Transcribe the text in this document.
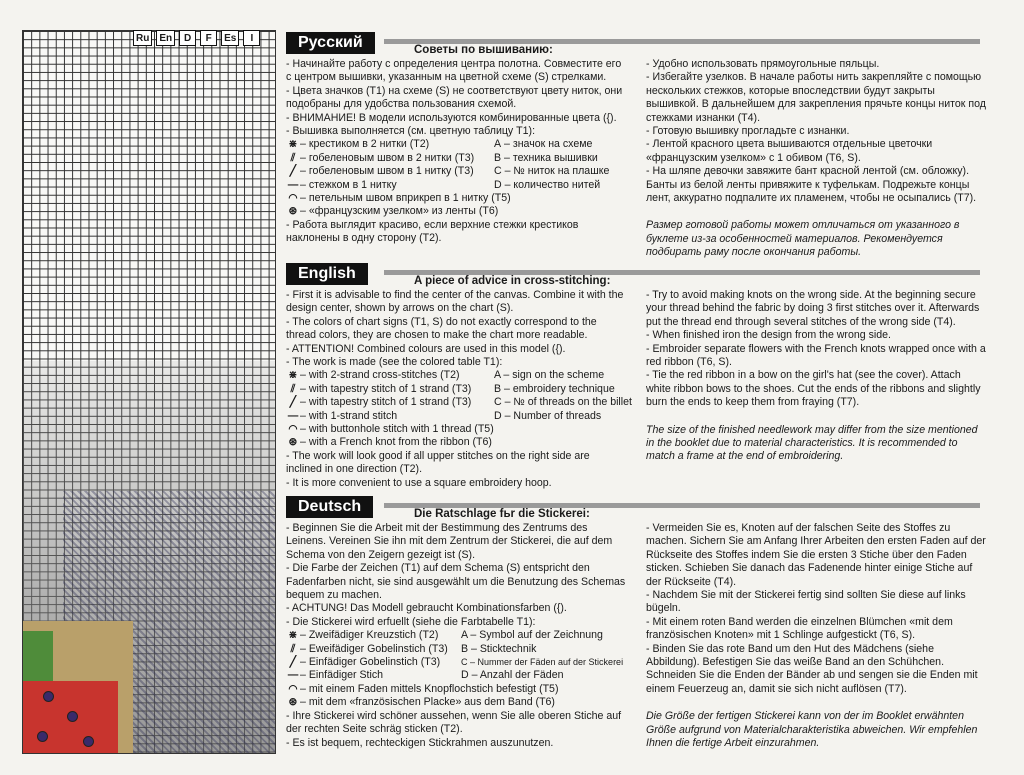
Ru	En	D	F	Es	I	Русский	Советы по вышиванию:

- Начинайте работу с определения центра полотна. Совместите его с центром вышивки, указанным на цветной схеме (S) стрелками.

- Цвета значков (T1) на схеме (S) не соответствуют цвету ниток, они подобраны для удобства пользования схемой.

- ВНИМАНИЕ! В модели используются комбинированные цвета ({).

- Вышивка выполняется (см. цветную таблицу T1):

⋇ – крестиком в 2 нитки (T2)	А – значок на схеме
⫽ – гобеленовым швом в 2 нитки (T3)	В – техника вышивки
╱ – гобеленовым швом в 1 нитку (T3)	С – № ниток на плашке
— – стежком в 1 нитку	D – количество нитей
◠ – петельным швом вприкреп в 1 нитку (T5)
⊛ – «французским узелком» из ленты (T6)

- Работа выглядит красиво, если верхние стежки крестиков наклонены в одну сторону (T2).

- Удобно использовать прямоугольные пяльцы.

- Избегайте узелков. В начале работы нить закрепляйте с помощью нескольких стежков, которые впоследствии будут закрыты вышивкой. В дальнейшем для закрепления прячьте концы ниток под стежками изнанки (T4).

- Готовую вышивку прогладьте с изнанки.

- Лентой красного цвета вышиваются отдельные цветочки «французским узелком» с 1 обивом (T6, S).

- На шляпе девочки завяжите бант красной лентой (см. обложку). Банты из белой ленты привяжите к туфелькам. Подрежьте концы лент, аккуратно подпалите их пламенем, чтобы не осыпались (T7).

Размер готовой работы может отличаться от указанного в буклете из-за особенностей материалов. Рекомендуется подбирать раму после окончания работы.

English	A piece of advice in cross-stitching:

- First it is advisable to find the center of the canvas. Combine it with the design center, shown by arrows on the chart (S).

- The colors of chart signs (T1, S) do not exactly correspond to the thread colors, they are chosen to make the chart more readable.

- ATTENTION! Combined colours are used in this model ({).

- The work is made (see the colored table T1):

⋇ – with 2-strand cross-stitches (T2)	A – sign on the scheme
⫽ – with tapestry stitch of 1 strand (T3)	B – embroidery technique
╱ – with tapestry stitch of 1 strand (T3)	C – № of threads on the billet
— – with 1-strand stitch	D – Number of threads
◠ – with buttonhole stitch with 1 thread (T5)
⊛ – with a French knot from the ribbon (T6)

- The work will look good if all upper stitches on the right side are inclined in one direction (T2).

- It is more convenient to use a square embroidery hoop.

- Try to avoid making knots on the wrong side. At the beginning secure your thread behind the fabric by doing 3 first stitches over it. Afterwards put the thread end through several stitches of the wrong side (T4).

- When finished iron the design from the wrong side.

- Embroider separate flowers with the French knots wrapped once with a red ribbon (T6, S).

- Tie the red ribbon in a bow on the girl's hat (see the cover). Attach white ribbon bows to the shoes. Cut the ends of the ribbons and slightly burn the ends to keep them from fraying (T7).

The size of the finished needlework may differ from the size mentioned in the booklet due to material characteristics. It is recommended to match a frame at the end of embroidering.

Deutsch	Die Ratschlage fьr die Stickerei:

- Beginnen Sie die Arbeit mit der Bestimmung des Zentrums des Leinens. Vereinen Sie ihn mit dem Zentrum der Stickerei, die auf dem Schema von den Zeigern gezeigt ist (S).

- Die Farbe der Zeichen (T1) auf dem Schema (S) entspricht den Fadenfarben nicht, sie sind ausgewählt um die Benutzung des Schemas bequem zu machen.

- ACHTUNG! Das Modell gebraucht Kombinationsfarben ({).

- Die Stickerei wird erfuellt (siehe die Farbtabelle T1):

⋇ – Zweifädiger Kreuzstich (T2)	A – Symbol auf der Zeichnung
⫽ – Eweifädiger Gobelinstich (T3)	B – Sticktechnik
╱ – Einfädiger Gobelinstich (T3)	C – Nummer der Fäden auf der Stickerei
— – Einfädiger Stich	D – Anzahl der Fäden
◠ – mit einem Faden mittels Knopflochstich befestigt (T5)
⊛ – mit dem «französischen Placke» aus dem Band (T6)

- Ihre Stickerei wird schöner aussehen, wenn Sie alle oberen Stiche auf der rechten Seite schräg sticken (T2).

- Es ist bequem, rechteckigen Stickrahmen auszunutzen.

- Vermeiden Sie es, Knoten auf der falschen Seite des Stoffes zu machen. Sichern Sie am Anfang Ihrer Arbeiten den ersten Faden auf der Rückseite des Stoffes indem Sie die ersten 3 Stiche über den Faden sticken. Schieben Sie danach das Fadenende hinter einige Stiche auf der Rückseite (T4).

- Nachdem Sie mit der Stickerei fertig sind sollten Sie diese auf links bügeln.

- Mit einem roten Band werden die einzelnen Blümchen «mit dem französischen Knoten» mit 1 Schlinge aufgestickt (T6, S).

- Binden Sie das rote Band um den Hut des Mädchens (siehe Abbildung). Befestigen Sie das weiße Band an den Schühchen. Schneiden Sie die Enden der Bänder ab und sengen sie die Enden mit einem Feuerzeug an, damit sie sich nicht auflösen (T7).

Die Größe der fertigen Stickerei kann von der im Booklet erwähnten Größe aufgrund von Materialcharakteristika abweichen. Wir empfehlen Ihnen die fertige Arbeit einzurahmen.
